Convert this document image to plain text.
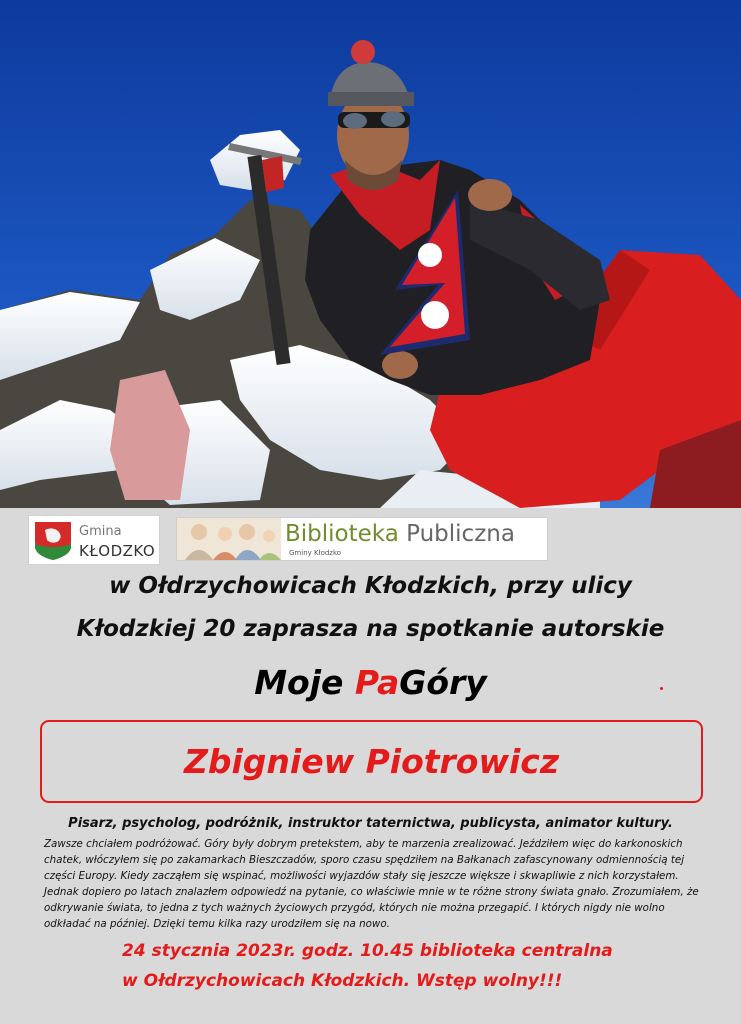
Gmina
KŁODZKO
Biblioteka Publiczna
Gminy Kłodzko
w Ołdrzychowicach Kłodzkich, przy ulicy
Kłodzkiej 20 zaprasza na spotkanie autorskie
Moje PaGóry
Zbigniew Piotrowicz
Pisarz, psycholog, podróżnik, instruktor taternictwa, publicysta, animator kultury.
Zawsze chciałem podróżować. Góry były dobrym pretekstem, aby te marzenia zrealizować. Jeździłem więc do karkonoskich chatek, włóczyłem się po zakamarkach Bieszczadów, sporo czasu spędziłem na Bałkanach zafascynowany odmiennością tej części Europy. Kiedy zacząłem się wspinać, możliwości wyjazdów stały się jeszcze większe i skwapliwie z nich korzystałem. Jednak dopiero po latach znalazłem odpowiedź na pytanie, co właściwie mnie w te różne strony świata gnało. Zrozumiałem, że odkrywanie świata, to jedna z tych ważnych życiowych przygód, których nie można przegapić. I których nigdy nie wolno odkładać na później. Dzięki temu kilka razy urodziłem się na nowo.
24 stycznia 2023r. godz. 10.45 biblioteka centralna
w Ołdrzychowicach Kłodzkich. Wstęp wolny!!!
